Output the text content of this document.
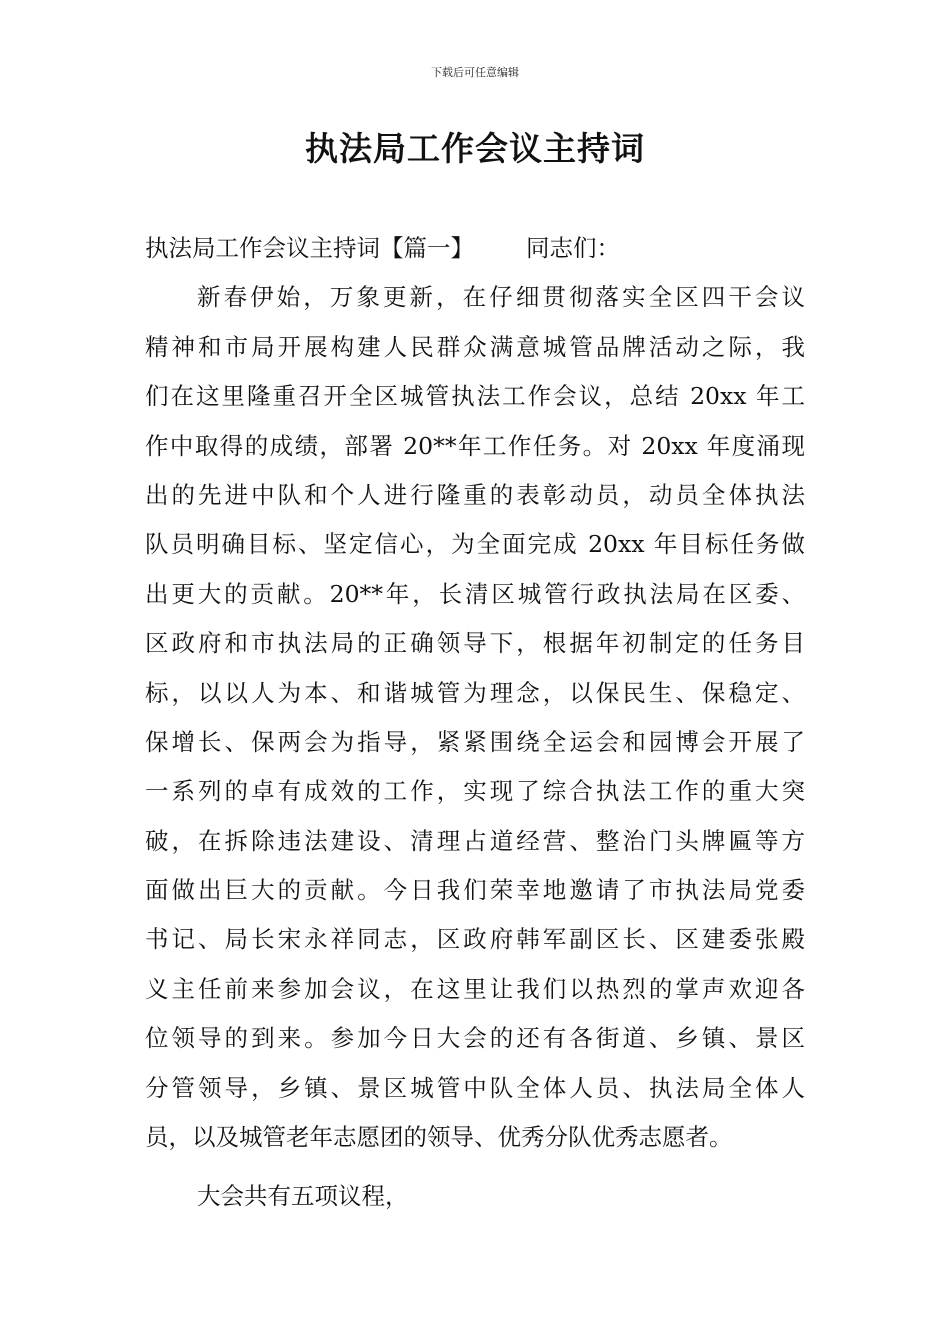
下载后可任意编辑
执法局工作会议主持词
执法局工作会议主持词【篇一】 同志们：
新春伊始，万象更新，在仔细贯彻落实全区四干会议
精神和市局开展构建人民群众满意城管品牌活动之际，我
们在这里隆重召开全区城管执法工作会议，总结 20xx 年工
作中取得的成绩，部署 20**年工作任务。对 20xx 年度涌现
出的先进中队和个人进行隆重的表彰动员，动员全体执法
队员明确目标、坚定信心，为全面完成 20xx 年目标任务做
出更大的贡献。20**年，长清区城管行政执法局在区委、
区政府和市执法局的正确领导下，根据年初制定的任务目
标，以以人为本、和谐城管为理念，以保民生、保稳定、
保增长、保两会为指导，紧紧围绕全运会和园博会开展了
一系列的卓有成效的工作，实现了综合执法工作的重大突
破，在拆除违法建设、清理占道经营、整治门头牌匾等方
面做出巨大的贡献。今日我们荣幸地邀请了市执法局党委
书记、局长宋永祥同志，区政府韩军副区长、区建委张殿
义主任前来参加会议，在这里让我们以热烈的掌声欢迎各
位领导的到来。参加今日大会的还有各街道、乡镇、景区
分管领导，乡镇、景区城管中队全体人员、执法局全体人
员，以及城管老年志愿团的领导、优秀分队优秀志愿者。
大会共有五项议程，
